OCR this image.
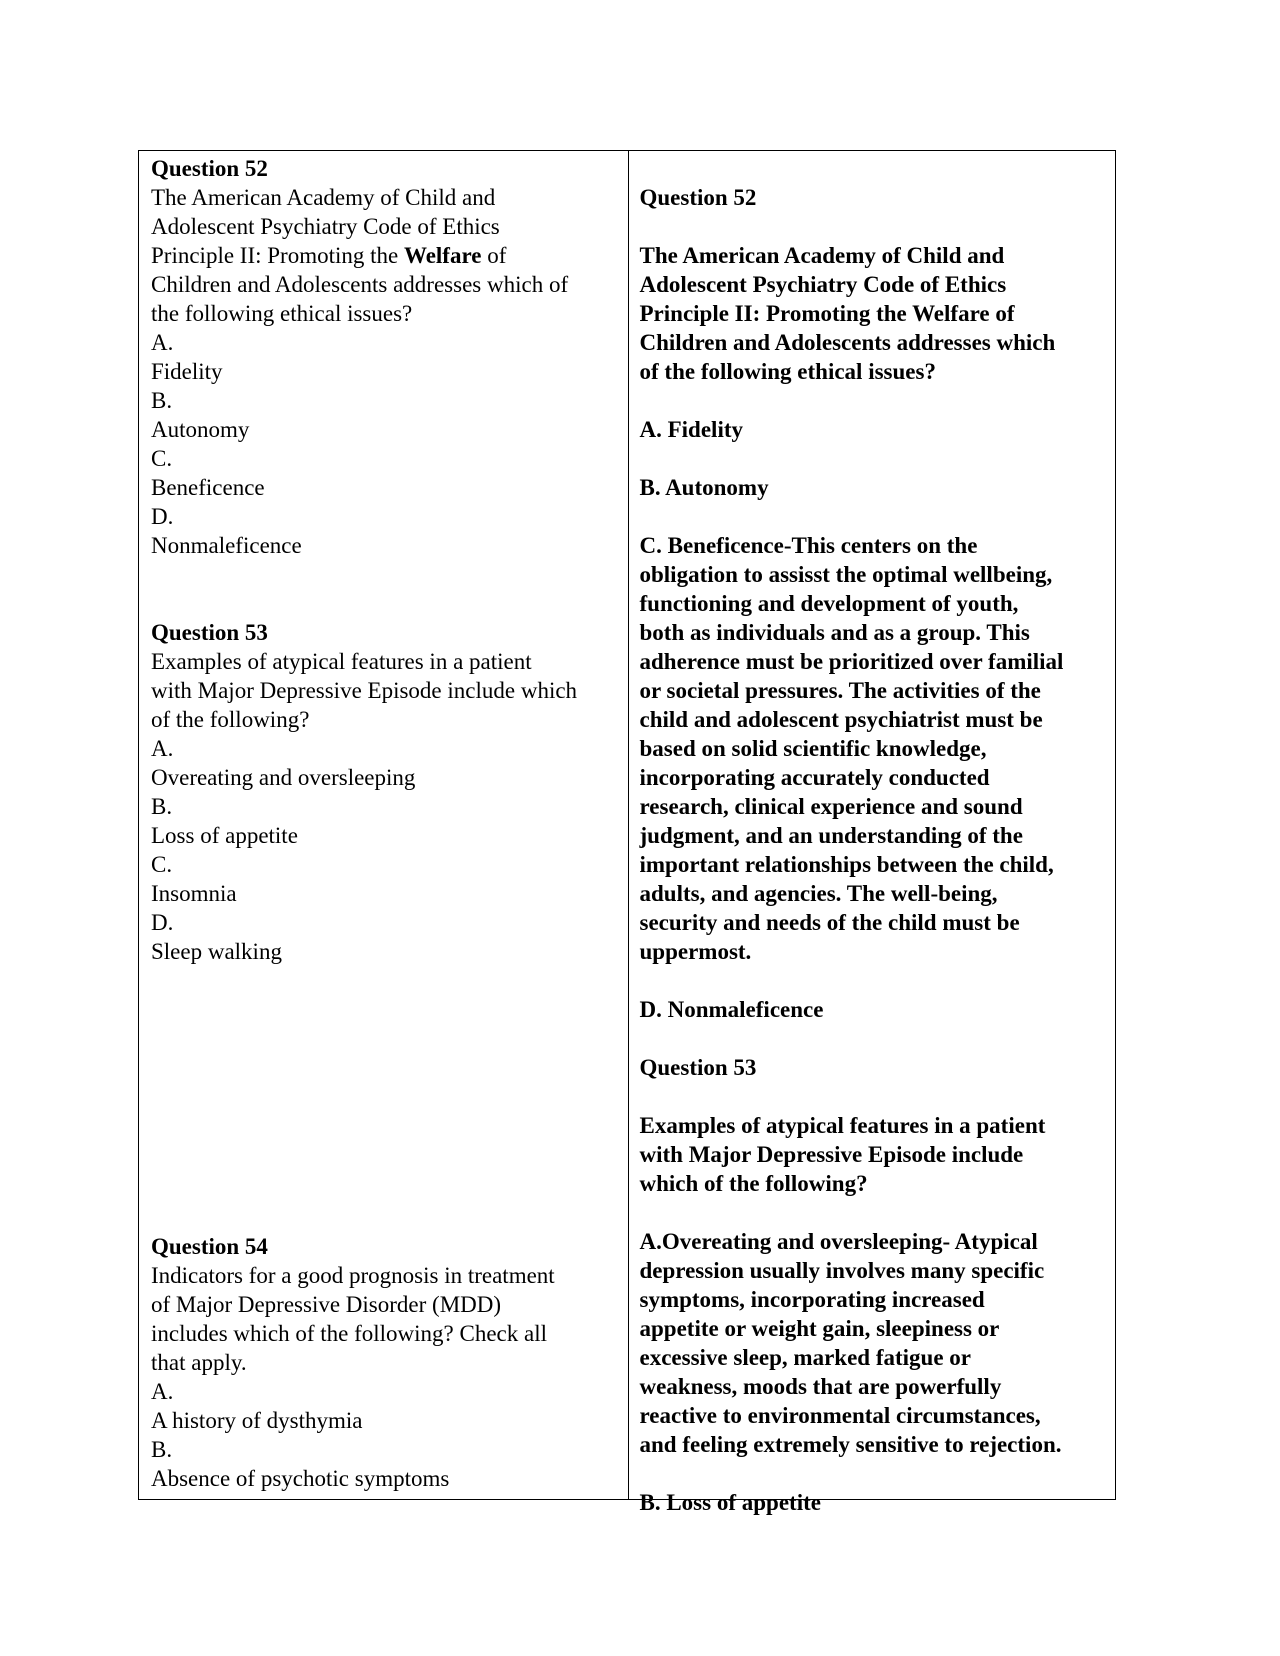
Question 52
The American Academy of Child and
Adolescent Psychiatry Code of Ethics
Principle II: Promoting the Welfare of
Children and Adolescents addresses which of
the following ethical issues?
A.
Fidelity
B.
Autonomy
C.
Beneficence
D.
Nonmaleficence
Question 53
Examples of atypical features in a patient
with Major Depressive Episode include which
of the following?
A.
Overeating and oversleeping
B.
Loss of appetite
C.
Insomnia
D.
Sleep walking
Question 54
Indicators for a good prognosis in treatment
of Major Depressive Disorder (MDD)
includes which of the following? Check all
that apply.
A.
A history of dysthymia
B.
Absence of psychotic symptoms
Question 52
The American Academy of Child and
Adolescent Psychiatry Code of Ethics
Principle II: Promoting the Welfare of
Children and Adolescents addresses which
of the following ethical issues?
A. Fidelity
B. Autonomy
C. Beneficence-This centers on the
obligation to assisst the optimal wellbeing,
functioning and development of youth,
both as individuals and as a group. This
adherence must be prioritized over familial
or societal pressures. The activities of the
child and adolescent psychiatrist must be
based on solid scientific knowledge,
incorporating accurately conducted
research, clinical experience and sound
judgment, and an understanding of the
important relationships between the child,
adults, and agencies. The well-being,
security and needs of the child must be
uppermost.
D. Nonmaleficence
Question 53
Examples of atypical features in a patient
with Major Depressive Episode include
which of the following?
A.Overeating and oversleeping- Atypical
depression usually involves many specific
symptoms, incorporating increased
appetite or weight gain, sleepiness or
excessive sleep, marked fatigue or
weakness, moods that are powerfully
reactive to environmental circumstances,
and feeling extremely sensitive to rejection.
B. Loss of appetite
